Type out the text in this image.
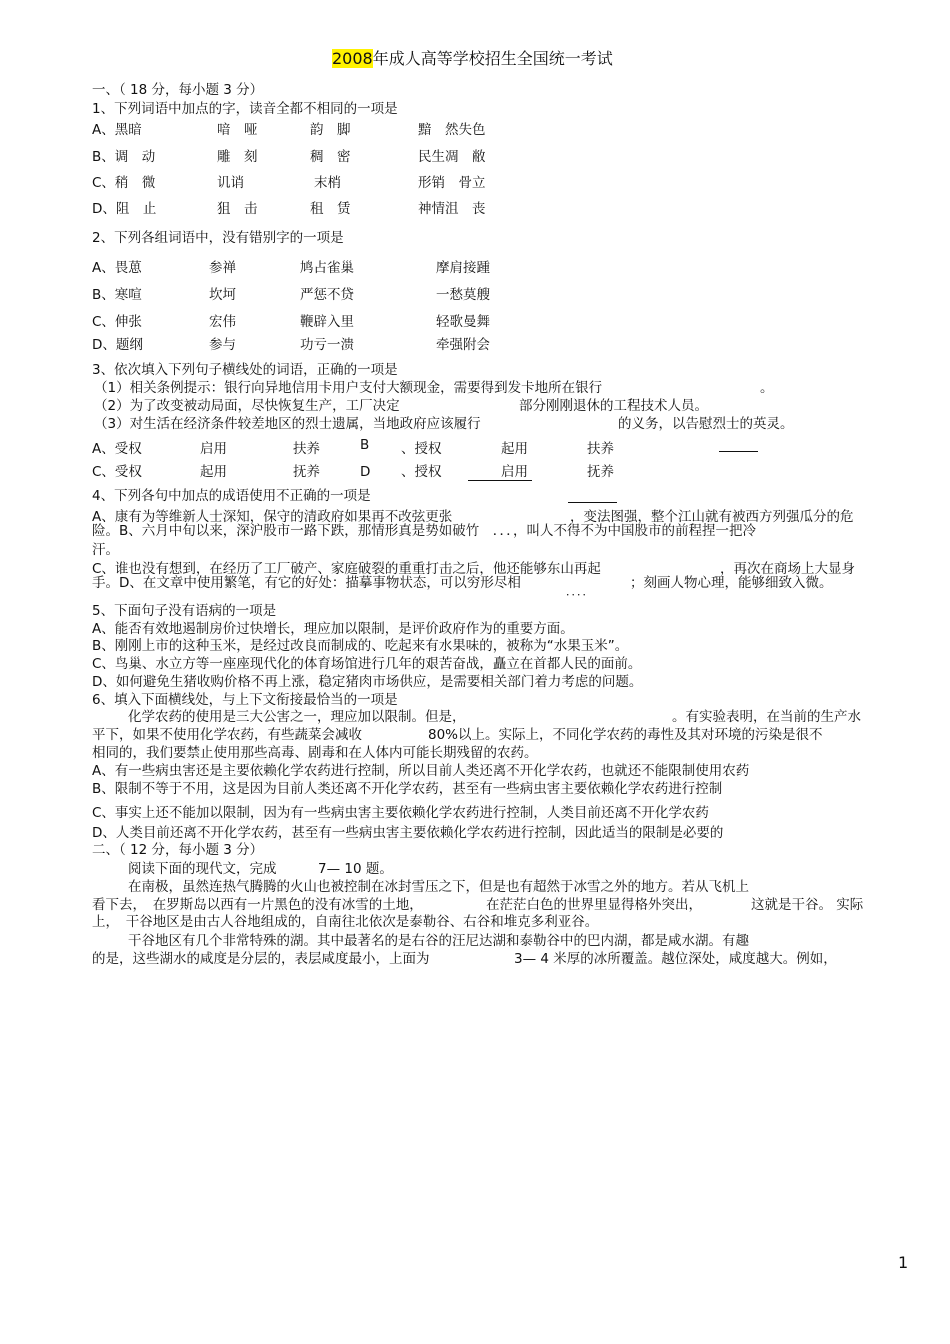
2008年成人高等学校招生全国统一考试
一、（ 18 分，每小题 3 分）
1、下列词语中加点的字，读音全都不相同的一项是
A、黑暗	喑　哑	韵　脚	黯　然失色
B、调　动	雕　刻	稠　密	民生凋　敝
C、稍　微	讥诮	末梢	形销　骨立
D、阻　止	狙　击	租　赁	神情沮　丧
2、下列各组词语中，没有错别字的一项是
A、畏葸	参禅	鸠占雀巢	摩肩接踵
B、寒喧	坎坷	严惩不贷	一愁莫艘
C、伸张	宏伟	鞭辟入里	轻歌曼舞
D、题纲	参与	功亏一溃	牵强附会
3、依次填入下列句子横线处的词语，正确的一项是
（1）相关条例提示：银行向异地信用卡用户支付大额现金，需要得到发卡地所在银行	。
（2）为了改变被动局面，尽快恢复生产，工厂决定	部分刚刚退休的工程技术人员。
（3）对生活在经济条件较差地区的烈士遗属，当地政府应该履行	的义务，以告慰烈士的英灵。
A、受权	启用	扶养	B 、授权	起用	扶养
C、受权	起用	抚养	D 、授权	启用	抚养
4、下列各句中加点的成语使用不正确的一项是
A、康有为等维新人士深知，保守的清政府如果再不改弦更张	，变法图强，整个江山就有被西方列强瓜分的危
险。B、六月中旬以来，深沪股市一路下跌，那情形真是势如破竹　．．．，叫人不得不为中国股市的前程捏一把冷
汗。
C、谁也没有想到，在经历了工厂破产、家庭破裂的重重打击之后，他还能够东山再起	，再次在商场上大显身
手。D、在文章中使用繁笔，有它的好处：描摹事物状态，可以穷形尽相	；刻画人物心理，能够细致入微。
．．．．
5、下面句子没有语病的一项是
A、能否有效地遏制房价过快增长，理应加以限制，是评价政府作为的重要方面。
B、刚刚上市的这种玉米，是经过改良而制成的、吃起来有水果味的，被称为“水果玉米”。
C、鸟巢、水立方等一座座现代化的体育场馆进行几年的艰苦奋战，矗立在首都人民的面前。
D、如何避免生猪收购价格不再上涨，稳定猪肉市场供应，是需要相关部门着力考虑的问题。
6、填入下面横线处，与上下文衔接最恰当的一项是
化学农药的使用是三大公害之一，理应加以限制。但是，	。有实验表明，在当前的生产水
平下，如果不使用化学农药，有些蔬菜会减收	80%以上。实际上，不同化学农药的毒性及其对环境的污染是很不
相同的，我们要禁止使用那些高毒、剧毒和在人体内可能长期残留的农药。
A、有一些病虫害还是主要依赖化学农药进行控制，所以目前人类还离不开化学农药，也就还不能限制使用农药
B、限制不等于不用，这是因为目前人类还离不开化学农药，甚至有一些病虫害主要依赖化学农药进行控制
C、事实上还不能加以限制，因为有一些病虫害主要依赖化学农药进行控制，人类目前还离不开化学农药
D、人类目前还离不开化学农药，甚至有一些病虫害主要依赖化学农药进行控制，因此适当的限制是必要的
二、（ 12 分，每小题 3 分）
阅读下面的现代文，完成	7— 10 题。
在南极，虽然连热气腾腾的火山也被控制在冰封雪压之下，但是也有超然于冰雪之外的地方。若从飞机上
看下去，　在罗斯岛以西有一片黑色的没有冰雪的土地，	在茫茫白色的世界里显得格外突出，	这就是干谷。 实际
上，　干谷地区是由古人谷地组成的，自南往北依次是泰勒谷、右谷和堆克多利亚谷。
干谷地区有几个非常特殊的湖。其中最著名的是右谷的汪尼达湖和泰勒谷中的巴内湖，都是咸水湖。有趣
的是，这些湖水的咸度是分层的，表层咸度最小，上面为	3— 4 米厚的冰所覆盖。越位深处，咸度越大。例如，
1
